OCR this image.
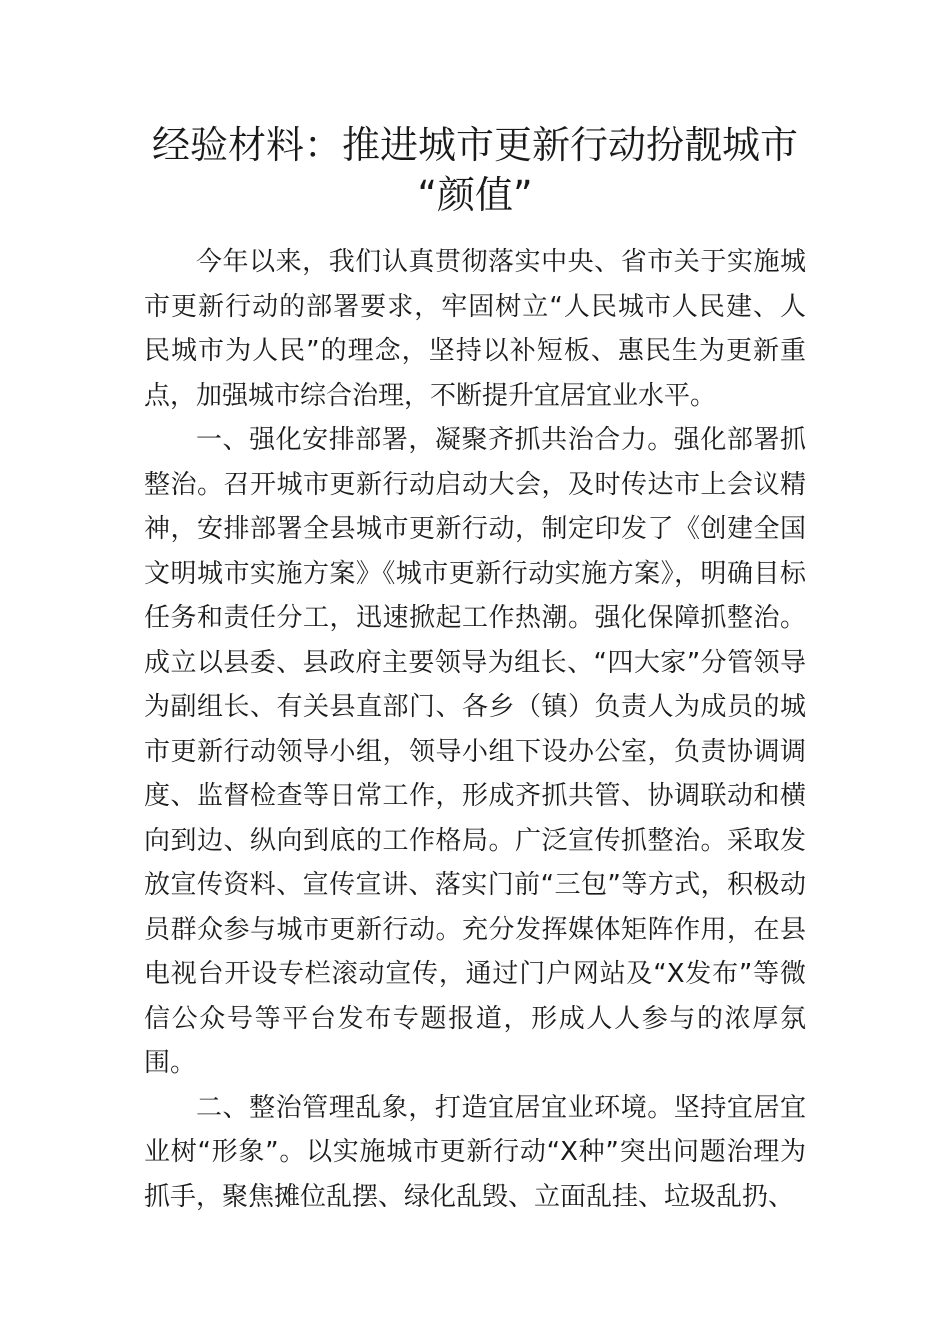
经验材料：推进城市更新行动扮靓城市
“颜值”

今年以来，我们认真贯彻落实中央、省市关于实施城市更新行动的部署要求，牢固树立“人民城市人民建、人民城市为人民”的理念，坚持以补短板、惠民生为更新重点，加强城市综合治理，不断提升宜居宜业水平。

一、强化安排部署，凝聚齐抓共治合力。强化部署抓整治。召开城市更新行动启动大会，及时传达市上会议精神，安排部署全县城市更新行动，制定印发了《创建全国文明城市实施方案》《城市更新行动实施方案》，明确目标任务和责任分工，迅速掀起工作热潮。强化保障抓整治。成立以县委、县政府主要领导为组长、“四大家”分管领导为副组长、有关县直部门、各乡（镇）负责人为成员的城市更新行动领导小组，领导小组下设办公室，负责协调调度、监督检查等日常工作，形成齐抓共管、协调联动和横向到边、纵向到底的工作格局。广泛宣传抓整治。采取发放宣传资料、宣传宣讲、落实门前“三包”等方式，积极动员群众参与城市更新行动。充分发挥媒体矩阵作用，在县电视台开设专栏滚动宣传，通过门户网站及“X发布”等微信公众号等平台发布专题报道，形成人人参与的浓厚氛围。

二、整治管理乱象，打造宜居宜业环境。坚持宜居宜业树“形象”。以实施城市更新行动“X种”突出问题治理为抓手，聚焦摊位乱摆、绿化乱毁、立面乱挂、垃圾乱扔、
